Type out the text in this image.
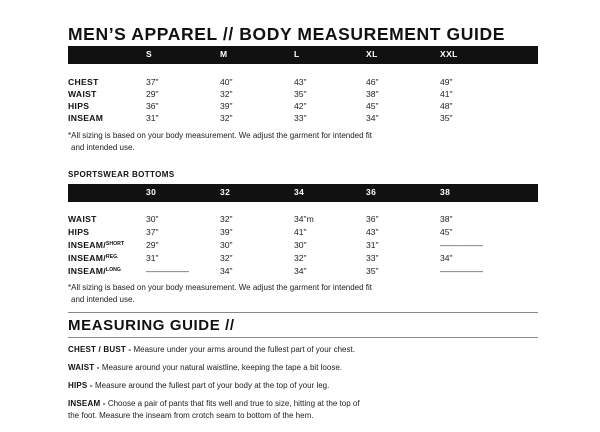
MEN’S APPAREL // BODY MEASUREMENT GUIDE
S	M	L	XL	XXL
CHEST	37"	40"	43"	46"	49"
WAIST	29"	32"	35"	38"	41"
HIPS	36"	39"	42"	45"	48"
INSEAM	31"	32"	33"	34"	35"
*All sizing is based on your body measurement. We adjust the garment for intended fit
and intended use.
SPORTSWEAR BOTTOMS
30	32	34	36	38
WAIST	30"	32"	34"m	36"	38"
HIPS	37"	39"	41"	43"	45"
INSEAM/$^{SHORT}$	29"	30"	30"	31"	—————
INSEAM/$^{REG.}$	31"	32"	32"	33"	34"
INSEAM/$^{LONG}$	—————	34"	34"	35"	—————
*All sizing is based on your body measurement. We adjust the garment for intended fit
and intended use.
MEASURING GUIDE //
CHEST / BUST - Measure under your arms around the fullest part of your chest.
WAIST - Measure around your natural waistline, keeping the tape a bit loose.
HIPS - Measure around the fullest part of your body at the top of your leg.
INSEAM - Choose a pair of pants that fits well and true to size, hitting at the top of
the foot. Measure the inseam from crotch seam to bottom of the hem.
